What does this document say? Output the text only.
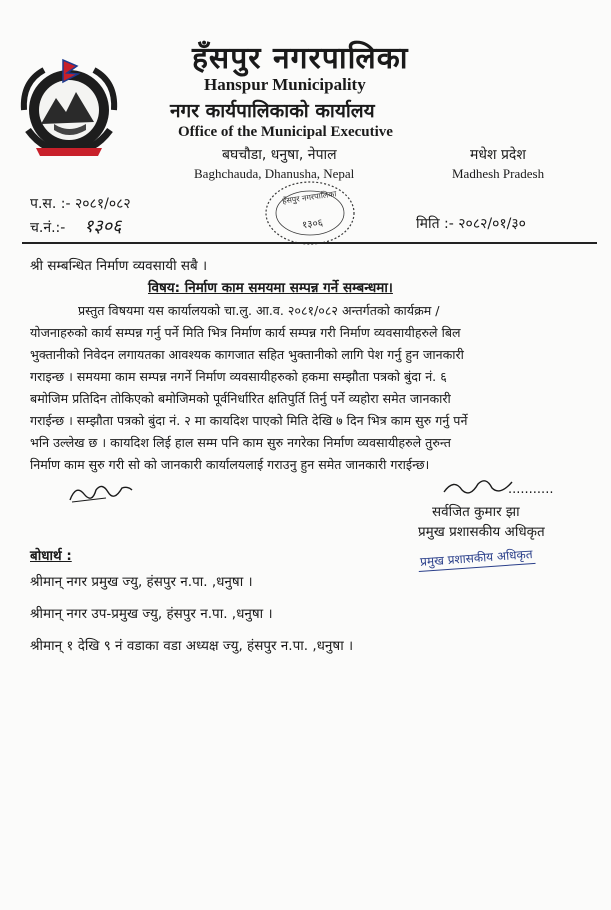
हँसपुर नगरपालिका
Hanspur Municipality
नगर कार्यपालिकाको कार्यालय
Office of the Municipal Executive
बघचौडा, धनुषा, नेपाल
Baghchauda, Dhanusha, Nepal
मधेश प्रदेश
Madhesh Pradesh
हँसपुर नगरपालिका
१३०६
प.स. :- २०८१/०८२
च.नं.:- १३०६	मिति :- २०८२/०१/३०
श्री सम्बन्धित निर्माण व्यवसायी सबै ।
विषय: निर्माण काम समयमा सम्पन्न गर्ने सम्बन्धमा।
प्रस्तुत विषयमा यस कार्यालयको चा.लु. आ.व. २०८१/०८२ अन्तर्गतको कार्यक्रम /
योजनाहरुको कार्य सम्पन्न गर्नु पर्ने मिति भित्र निर्माण कार्य सम्पन्न गरी निर्माण व्यवसायीहरुले बिल
भुक्तानीको निवेदन लगायतका आवश्यक कागजात सहित भुक्तानीको लागि पेश गर्नु हुन जानकारी
गराइन्छ । समयमा काम सम्पन्न नगर्ने निर्माण व्यवसायीहरुको हकमा सम्झौता पत्रको बुंदा नं. ६
बमोजिम प्रतिदिन तोकिएको बमोजिमको पूर्वनिर्धारित क्षतिपुर्ति तिर्नु पर्ने व्यहोरा समेत जानकारी
गराईन्छ । सम्झौता पत्रको बुंदा नं. २ मा कायदिश पाएको मिति देखि ७ दिन भित्र काम सुरु गर्नु पर्ने
भनि उल्लेख छ । कायदिश लिई हाल सम्म पनि काम सुरु नगरेका निर्माण व्यवसायीहरुले तुरुन्त
निर्माण काम सुरु गरी सो को जानकारी कार्यालयलाई गराउनु हुन समेत जानकारी गराईन्छ।
...........
सर्वजित कुमार झा
प्रमुख प्रशासकीय अधिकृत
प्रमुख प्रशासकीय अधिकृत
बोधार्थ :
श्रीमान् नगर प्रमुख ज्यु, हंसपुर न.पा. ,धनुषा ।
श्रीमान् नगर उप-प्रमुख ज्यु, हंसपुर न.पा. ,धनुषा ।
श्रीमान् १ देखि ९ नं वडाका वडा अध्यक्ष ज्यु, हंसपुर न.पा. ,धनुषा ।
